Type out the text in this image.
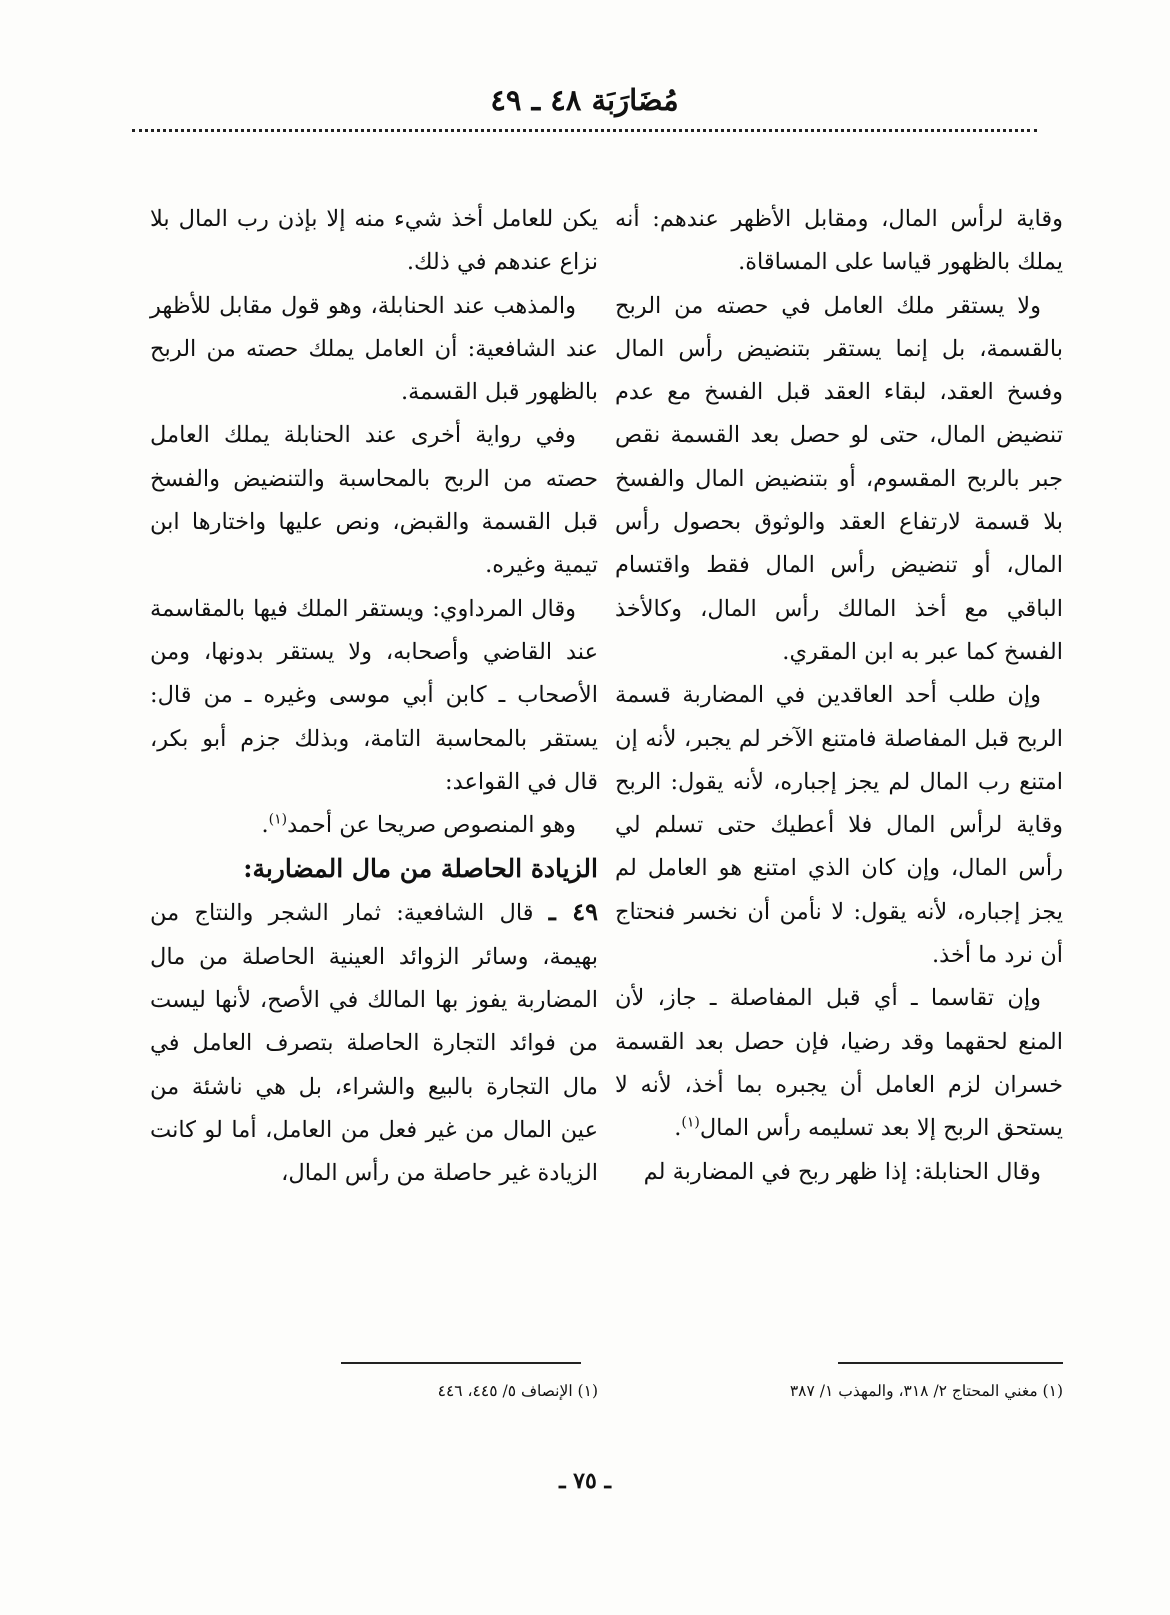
مُضَارَبَة ٤٨ ـ ٤٩

وقاية لرأس المال، ومقابل الأظهر عندهم: أنه يملك بالظهور قياسا على المساقاة.

ولا يستقر ملك العامل في حصته من الربح بالقسمة، بل إنما يستقر بتنضيض رأس المال وفسخ العقد، لبقاء العقد قبل الفسخ مع عدم تنضيض المال، حتى لو حصل بعد القسمة نقص جبر بالربح المقسوم، أو بتنضيض المال والفسخ بلا قسمة لارتفاع العقد والوثوق بحصول رأس المال، أو تنضيض رأس المال فقط واقتسام الباقي مع أخذ المالك رأس المال، وكالأخذ الفسخ كما عبر به ابن المقري.

وإن طلب أحد العاقدين في المضاربة قسمة الربح قبل المفاصلة فامتنع الآخر لم يجبر، لأنه إن امتنع رب المال لم يجز إجباره، لأنه يقول: الربح وقاية لرأس المال فلا أعطيك حتى تسلم لي رأس المال، وإن كان الذي امتنع هو العامل لم يجز إجباره، لأنه يقول: لا نأمن أن نخسر فنحتاج أن نرد ما أخذ.

وإن تقاسما ـ أي قبل المفاصلة ـ جاز، لأن المنع لحقهما وقد رضيا، فإن حصل بعد القسمة خسران لزم العامل أن يجبره بما أخذ، لأنه لا يستحق الربح إلا بعد تسليمه رأس المال$^{(١)}$.

وقال الحنابلة: إذا ظهر ربح في المضاربة لم

يكن للعامل أخذ شيء منه إلا بإذن رب المال بلا نزاع عندهم في ذلك.

والمذهب عند الحنابلة، وهو قول مقابل للأظهر عند الشافعية: أن العامل يملك حصته من الربح بالظهور قبل القسمة.

وفي رواية أخرى عند الحنابلة يملك العامل حصته من الربح بالمحاسبة والتنضيض والفسخ قبل القسمة والقبض، ونص عليها واختارها ابن تيمية وغيره.

وقال المرداوي: ويستقر الملك فيها بالمقاسمة عند القاضي وأصحابه، ولا يستقر بدونها، ومن الأصحاب ـ كابن أبي موسى وغيره ـ من قال: يستقر بالمحاسبة التامة، وبذلك جزم أبو بكر، قال في القواعد:

وهو المنصوص صريحا عن أحمد$^{(١)}$.

الزيادة الحاصلة من مال المضاربة:

٤٩ ـ قال الشافعية: ثمار الشجر والنتاج من بهيمة، وسائر الزوائد العينية الحاصلة من مال المضاربة يفوز بها المالك في الأصح، لأنها ليست من فوائد التجارة الحاصلة بتصرف العامل في مال التجارة بالبيع والشراء، بل هي ناشئة من عين المال من غير فعل من العامل، أما لو كانت الزيادة غير حاصلة من رأس المال،

(١) مغني المحتاج ٢/ ٣١٨، والمهذب ١/ ٣٨٧
(١) الإنصاف ٥/ ٤٤٥، ٤٤٦
ـ ٧٥ ـ
